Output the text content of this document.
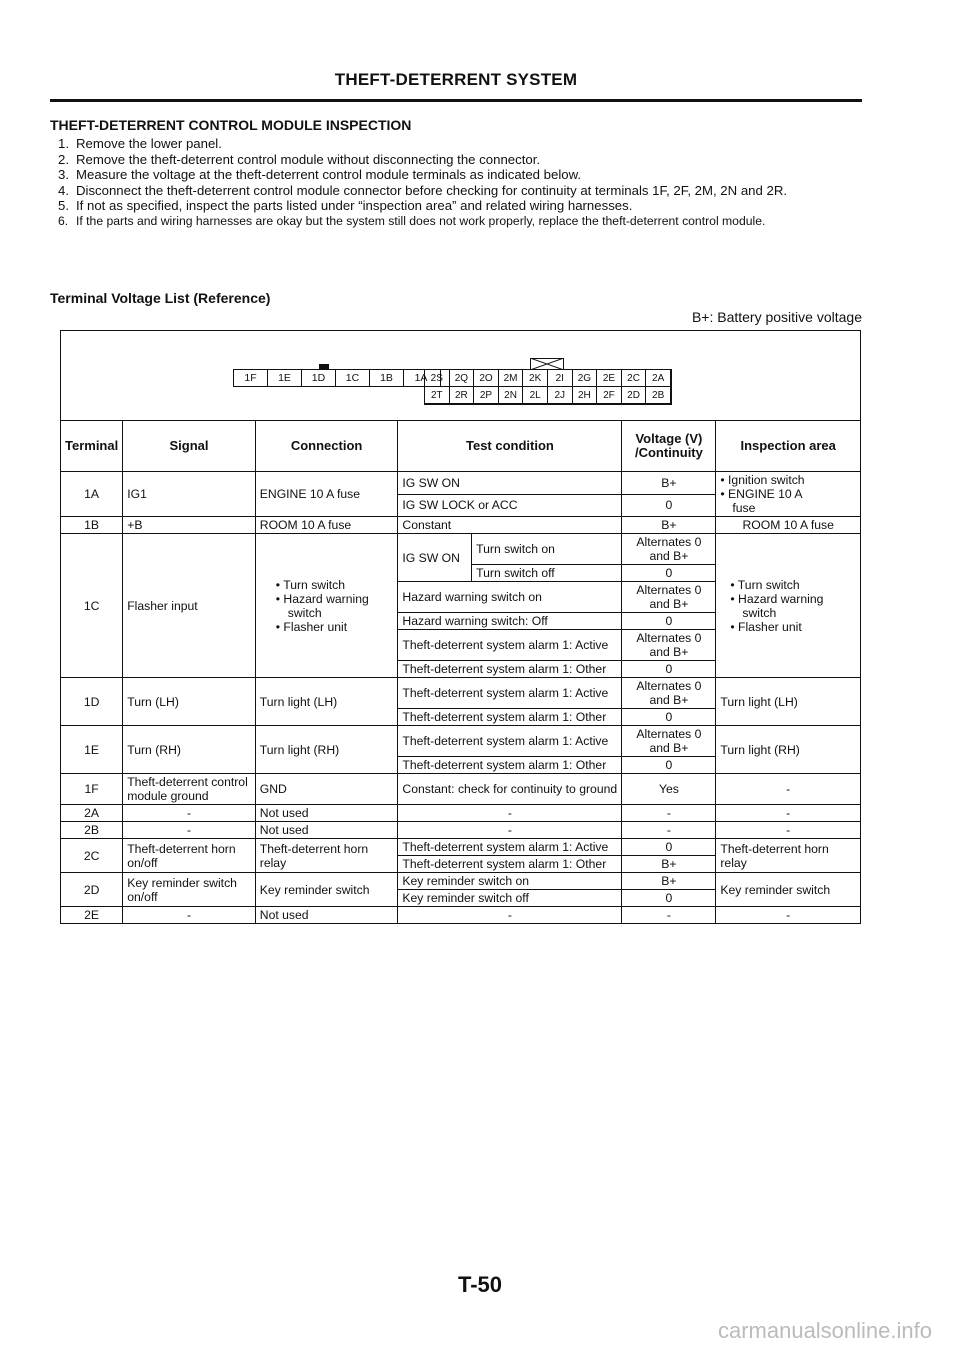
THEFT-DETERRENT SYSTEM
THEFT-DETERRENT CONTROL MODULE INSPECTION
1. Remove the lower panel.
2. Remove the theft-deterrent control module without disconnecting the connector.
3. Measure the voltage at the theft-deterrent control module terminals as indicated below.
4. Disconnect the theft-deterrent control module connector before checking for continuity at terminals 1F, 2F, 2M, 2N and 2R.
5. If not as specified, inspect the parts listed under “inspection area” and related wiring harnesses.
6. If the parts and wiring harnesses are okay but the system still does not work properly, replace the theft-deterrent control module.
Terminal Voltage List (Reference)
B+: Battery positive voltage
1F	1E	1D	1C	1B	1A 2S	2Q	2O	2M	2K	2I	2G	2E	2C	2A
2T	2R	2P	2N	2L	2J	2H	2F	2D	2B
Terminal	Signal	Connection	Test condition		Voltage (V) /Continuity	Inspection area
1A	IG1	ENGINE 10 A fuse	IG SW ON		B+	• Ignition switch
• ENGINE 10 A
fuse

			IG SW LOCK or ACC		0	
1B	+B	ROOM 10 A fuse	Constant		B+	ROOM 10 A fuse
1C	Flasher input	• Turn switch
• Hazard warning
switch
• Flasher unit	IG SW ON	Turn switch on	Alternates 0 and B+	• Turn switch
• Hazard warning
switch
• Flasher unit

				Turn switch off	0	
			Hazard warning switch on		Alternates 0 and B+	
			Hazard warning switch: Off		0	
			Theft-deterrent system alarm 1: Active		Alternates 0 and B+	
			Theft-deterrent system alarm 1: Other		0	
1D	Turn (LH)	Turn light (LH)	Theft-deterrent system alarm 1: Active		Alternates 0 and B+	Turn light (LH)
			Theft-deterrent system alarm 1: Other		0	
1E	Turn (RH)	Turn light (RH)	Theft-deterrent system alarm 1: Active		Alternates 0 and B+	Turn light (RH)
			Theft-deterrent system alarm 1: Other		0	
1F	Theft-deterrent control module ground	GND	Constant: check for continuity to ground		Yes	-
2A	-	Not used	-		-	-
2B	-	Not used	-		-	-
2C	Theft-deterrent horn on/off	Theft-deterrent horn relay	Theft-deterrent system alarm 1: Active		0	Theft-deterrent horn relay
			Theft-deterrent system alarm 1: Other		B+	
2D	Key reminder switch on/off	Key reminder switch	Key reminder switch on		B+	Key reminder switch
			Key reminder switch off		0	
2E	-	Not used	-		-	-
T-50
carmanualsonline.info
